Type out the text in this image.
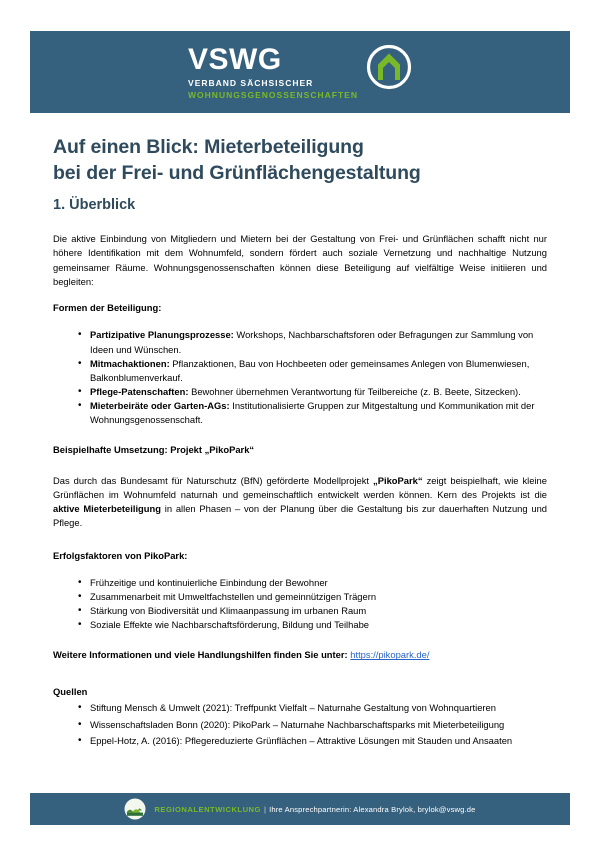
VSWG
VERBAND SÄCHSISCHER
WOHNUNGSGENOSSENSCHAFTEN
Auf einen Blick: Mieterbeteiligung
bei der Frei- und Grünflächengestaltung
1. Überblick

Die aktive Einbindung von Mitgliedern und Mietern bei der Gestaltung von Frei- und Grünflächen schafft nicht nur höhere Identifikation mit dem Wohnumfeld, sondern fördert auch soziale Vernetzung und nachhaltige Nutzung gemeinsamer Räume. Wohnungsgenossenschaften können diese Beteiligung auf vielfältige Weise initiieren und begleiten:

Formen der Beteiligung:
• Partizipative Planungsprozesse: Workshops, Nachbarschaftsforen oder Befragungen zur Sammlung von Ideen und Wünschen.
• Mitmachaktionen: Pflanzaktionen, Bau von Hochbeeten oder gemeinsames Anlegen von Blumenwiesen, Balkonblumenverkauf.
• Pflege-Patenschaften: Bewohner übernehmen Verantwortung für Teilbereiche (z. B. Beete, Sitzecken).
• Mieterbeiräte oder Garten-AGs: Institutionalisierte Gruppen zur Mitgestaltung und Kommunikation mit der Wohnungsgenossenschaft.
Beispielhafte Umsetzung: Projekt „PikoPark“

Das durch das Bundesamt für Naturschutz (BfN) geförderte Modellprojekt „PikoPark“ zeigt beispielhaft, wie kleine Grünflächen im Wohnumfeld naturnah und gemeinschaftlich entwickelt werden können. Kern des Projekts ist die aktive Mieterbeteiligung in allen Phasen – von der Planung über die Gestaltung bis zur dauerhaften Nutzung und Pflege.

Erfolgsfaktoren von PikoPark:
• Frühzeitige und kontinuierliche Einbindung der Bewohner
• Zusammenarbeit mit Umweltfachstellen und gemeinnützigen Trägern
• Stärkung von Biodiversität und Klimaanpassung im urbanen Raum
• Soziale Effekte wie Nachbarschaftsförderung, Bildung und Teilhabe
Weitere Informationen und viele Handlungshilfen finden Sie unter: https://pikopark.de/
Quellen
• Stiftung Mensch & Umwelt (2021): Treffpunkt Vielfalt – Naturnahe Gestaltung von Wohnquartieren
• Wissenschaftsladen Bonn (2020): PikoPark – Naturnahe Nachbarschaftsparks mit Mieterbeteiligung
• Eppel-Hotz, A. (2016): Pflegereduzierte Grünflächen – Attraktive Lösungen mit Stauden und Ansaaten
REGIONALENTWICKLUNG | Ihre Ansprechpartnerin: Alexandra Brylok, brylok@vswg.de
